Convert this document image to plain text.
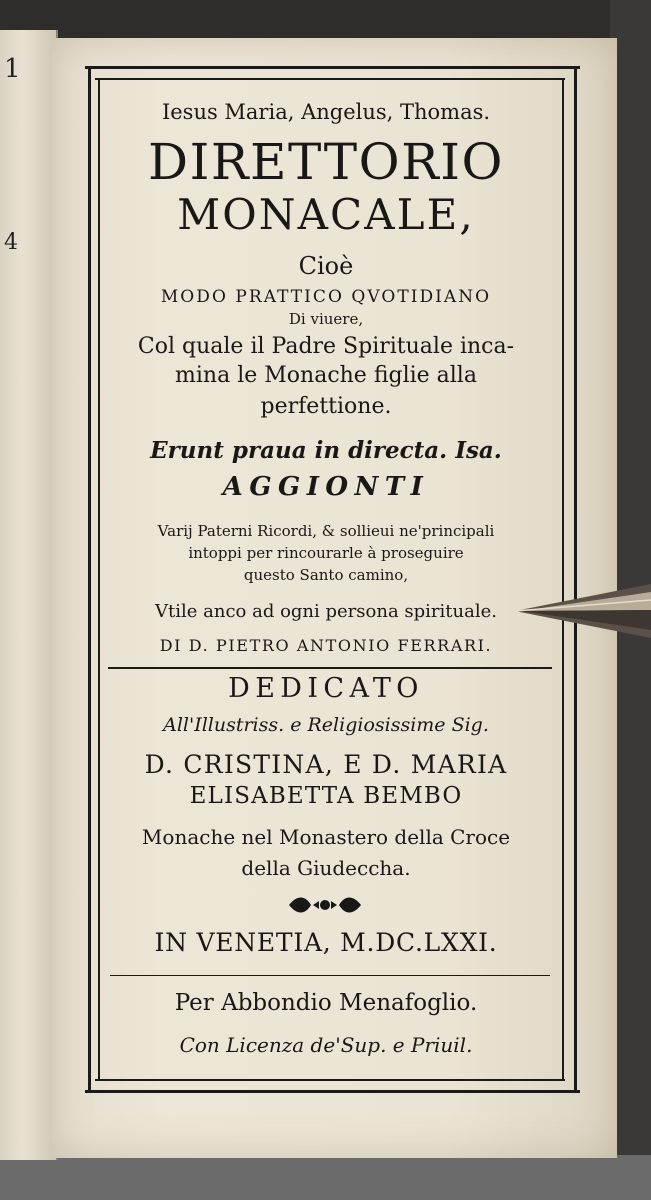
1
4
Iesus Maria, Angelus, Thomas.
DIRETTORIO
MONACALE,
Cioè
MODO PRATTICO QVOTIDIANO
Di viuere,
Col quale il Padre Spirituale inca-
mina le Monache figlie alla
perfettione.
Erunt praua in directa. Isa.
AGGIONTI
Varij Paterni Ricordi, & sollieui ne'principali
intoppi per rincourarle à proseguire
questo Santo camino,
Vtile anco ad ogni persona spirituale.
DI D. PIETRO ANTONIO FERRARI.
DEDICATO
All'Illustriss. e Religiosissime Sig.
D. CRISTINA, E D. MARIA
ELISABETTA BEMBO
Monache nel Monastero della Croce
della Giudeccha.
IN VENETIA, M.DC.LXXI.
Per Abbondio Menafoglio.
Con Licenza de'Sup. e Priuil.
